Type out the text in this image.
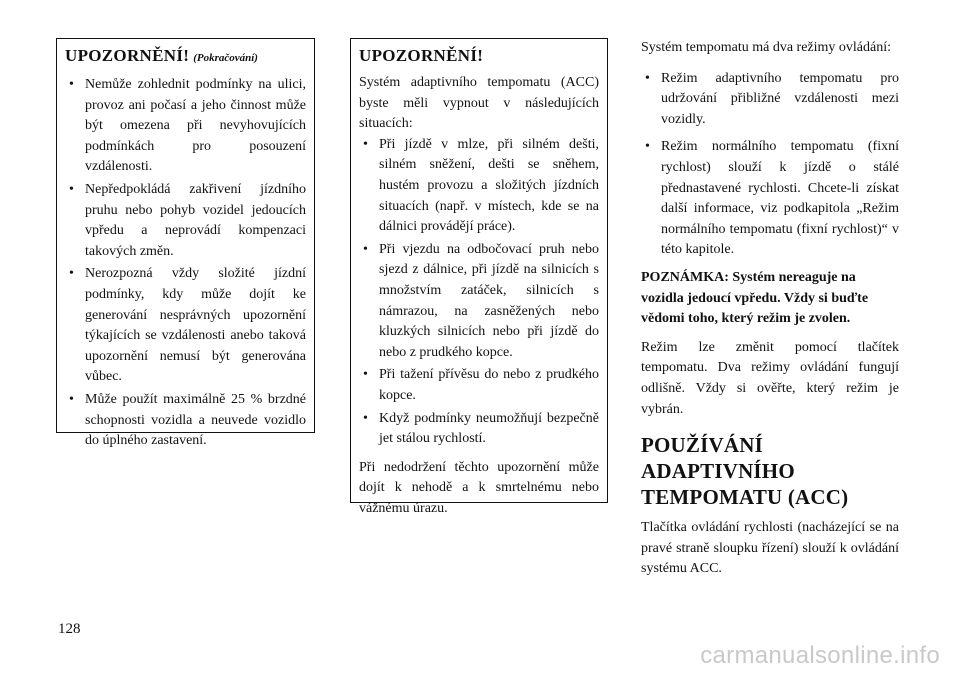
UPOZORNĚNÍ! (Pokračování)

• Nemůže zohlednit podmínky na ulici, provoz ani počasí a jeho činnost může být omezena při nevyhovujících podmínkách pro posouzení vzdálenosti.
• Nepředpokládá zakřivení jízdního pruhu nebo pohyb vozidel jedoucích vpředu a neprovádí kompenzaci takových změn.
• Nerozpozná vždy složité jízdní podmínky, kdy může dojít ke generování nesprávných upozornění týkajících se vzdálenosti anebo taková upozornění nemusí být generována vůbec.
• Může použít maximálně 25 % brzdné schopnosti vozidla a neuvede vozidlo do úplného zastavení.

UPOZORNĚNÍ!

Systém adaptivního tempomatu (ACC) byste měli vypnout v následujících situacích:

• Při jízdě v mlze, při silném dešti, silném sněžení, dešti se sněhem, hustém provozu a složitých jízdních situacích (např. v místech, kde se na dálnici provádějí práce).
• Při vjezdu na odbočovací pruh nebo sjezd z dálnice, při jízdě na silnicích s množstvím zatáček, silnicích s námrazou, na zasněžených nebo kluzkých silnicích nebo při jízdě do nebo z prudkého kopce.
• Při tažení přívěsu do nebo z prudkého kopce.
• Když podmínky neumožňují bezpečně jet stálou rychlostí.

Při nedodržení těchto upozornění může dojít k nehodě a k smrtelnému nebo vážnému úrazu.

Systém tempomatu má dva režimy ovládání:

• Režim adaptivního tempomatu pro udržování přibližné vzdálenosti mezi vozidly.
• Režim normálního tempomatu (fixní rychlost) slouží k jízdě o stálé přednastavené rychlosti. Chcete-li získat další informace, viz podkapitola „Režim normálního tempomatu (fixní rychlost)“ v této kapitole.

POZNÁMKA: Systém nereaguje na vozidla jedoucí vpředu. Vždy si buďte vědomi toho, který režim je zvolen.

Režim lze změnit pomocí tlačítek tempomatu. Dva režimy ovládání fungují odlišně. Vždy si ověřte, který režim je vybrán.

POUŽÍVÁNÍ
ADAPTIVNÍHO
TEMPOMATU (ACC)

Tlačítka ovládání rychlosti (nacházející se na pravé straně sloupku řízení) slouží k ovládání systému ACC.

128
carmanualsonline.info
